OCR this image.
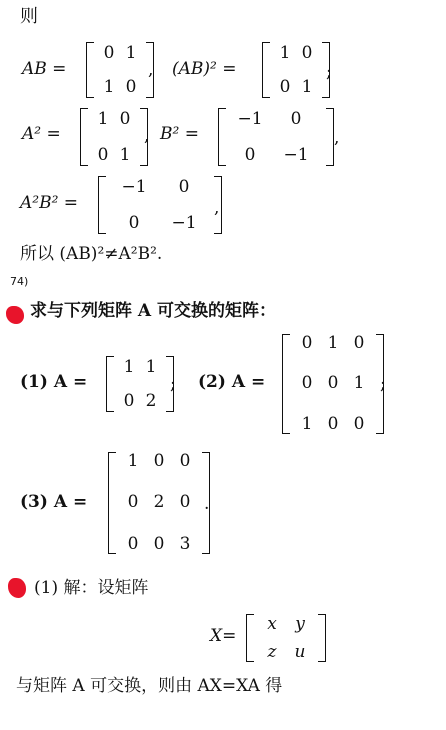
则
AB =
0 1
1 0
, (AB)² =
1 0
0 1
;
A² =
1 0
0 1
, B² =
−1 0
0 −1
,
A²B² =
−1 0
0 −1
,
所以 (AB)²≠A²B².
74)
求与下列矩阵 A 可交换的矩阵：
(1) A =
1 1
0 2
; (2) A =
0 1 0
0 0 1
1 0 0
;
(3) A =
1 0 0
0 2 0
0 0 3
.
(1) 解：设矩阵
X=
x y
z u
与矩阵 A 可交换，则由 AX=XA 得
